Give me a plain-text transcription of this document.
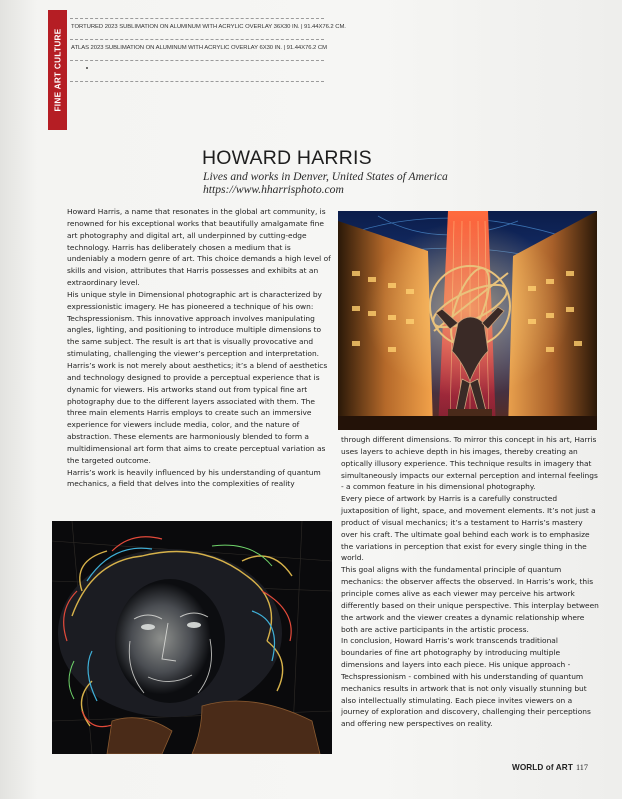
FINE ART CULTURE
TORTURED 2023 SUBLIMATION ON ALUMINUM WITH ACRYLIC OVERLAY 36X30 IN. | 91.44X76.2 CM.
ATLAS 2023 SUBLIMATION ON ALUMINUM WITH ACRYLIC OVERLAY 6X30 IN. | 91.44X76.2 CM
HOWARD HARRIS
Lives and works in Denver, United States of America
https://www.hharrisphoto.com

Howard Harris, a name that resonates in the global art community, is renowned for his exceptional works that beautifully amalgamate fine art photography and digital art, all underpinned by cutting-edge technology. Harris has deliberately chosen a medium that is undeniably a modern genre of art. This choice demands a high level of skills and vision, attributes that Harris possesses and exhibits at an extraordinary level.

His unique style in Dimensional photographic art is characterized by expressionistic imagery. He has pioneered a technique of his own: Techspressionism. This innovative approach involves manipulating angles, lighting, and positioning to introduce multiple dimensions to the same subject. The result is art that is visually provocative and stimulating, challenging the viewer’s perception and interpretation.

Harris’s work is not merely about aesthetics; it’s a blend of aesthetics and technology designed to provide a perceptual experience that is dynamic for viewers. His artworks stand out from typical fine art photography due to the different layers associated with them. The three main elements Harris employs to create such an immersive experience for viewers include media, color, and the nature of abstraction. These elements are harmoniously blended to form a multidimensional art form that aims to create perceptual variation as the targeted outcome.

Harris’s work is heavily influenced by his understanding of quantum mechanics, a field that delves into the complexities of reality

through different dimensions. To mirror this concept in his art, Harris uses layers to achieve depth in his images, thereby creating an optically illusory experience. This technique results in imagery that simultaneously impacts our external perception and internal feelings - a common feature in his dimensional photography.

Every piece of artwork by Harris is a carefully constructed juxtaposition of light, space, and movement elements. It’s not just a product of visual mechanics; it’s a testament to Harris’s mastery over his craft. The ultimate goal behind each work is to emphasize the variations in perception that exist for every single thing in the world.

This goal aligns with the fundamental principle of quantum mechanics: the observer affects the observed. In Harris’s work, this principle comes alive as each viewer may perceive his artwork differently based on their unique perspective. This interplay between the artwork and the viewer creates a dynamic relationship where both are active participants in the artistic process.

In conclusion, Howard Harris’s work transcends traditional boundaries of fine art photography by introducing multiple dimensions and layers into each piece. His unique approach -Techspressionism - combined with his understanding of quantum mechanics results in artwork that is not only visually stunning but also intellectually stimulating. Each piece invites viewers on a journey of exploration and discovery, challenging their perceptions and offering new perspectives on reality.

WORLD of ART 117
